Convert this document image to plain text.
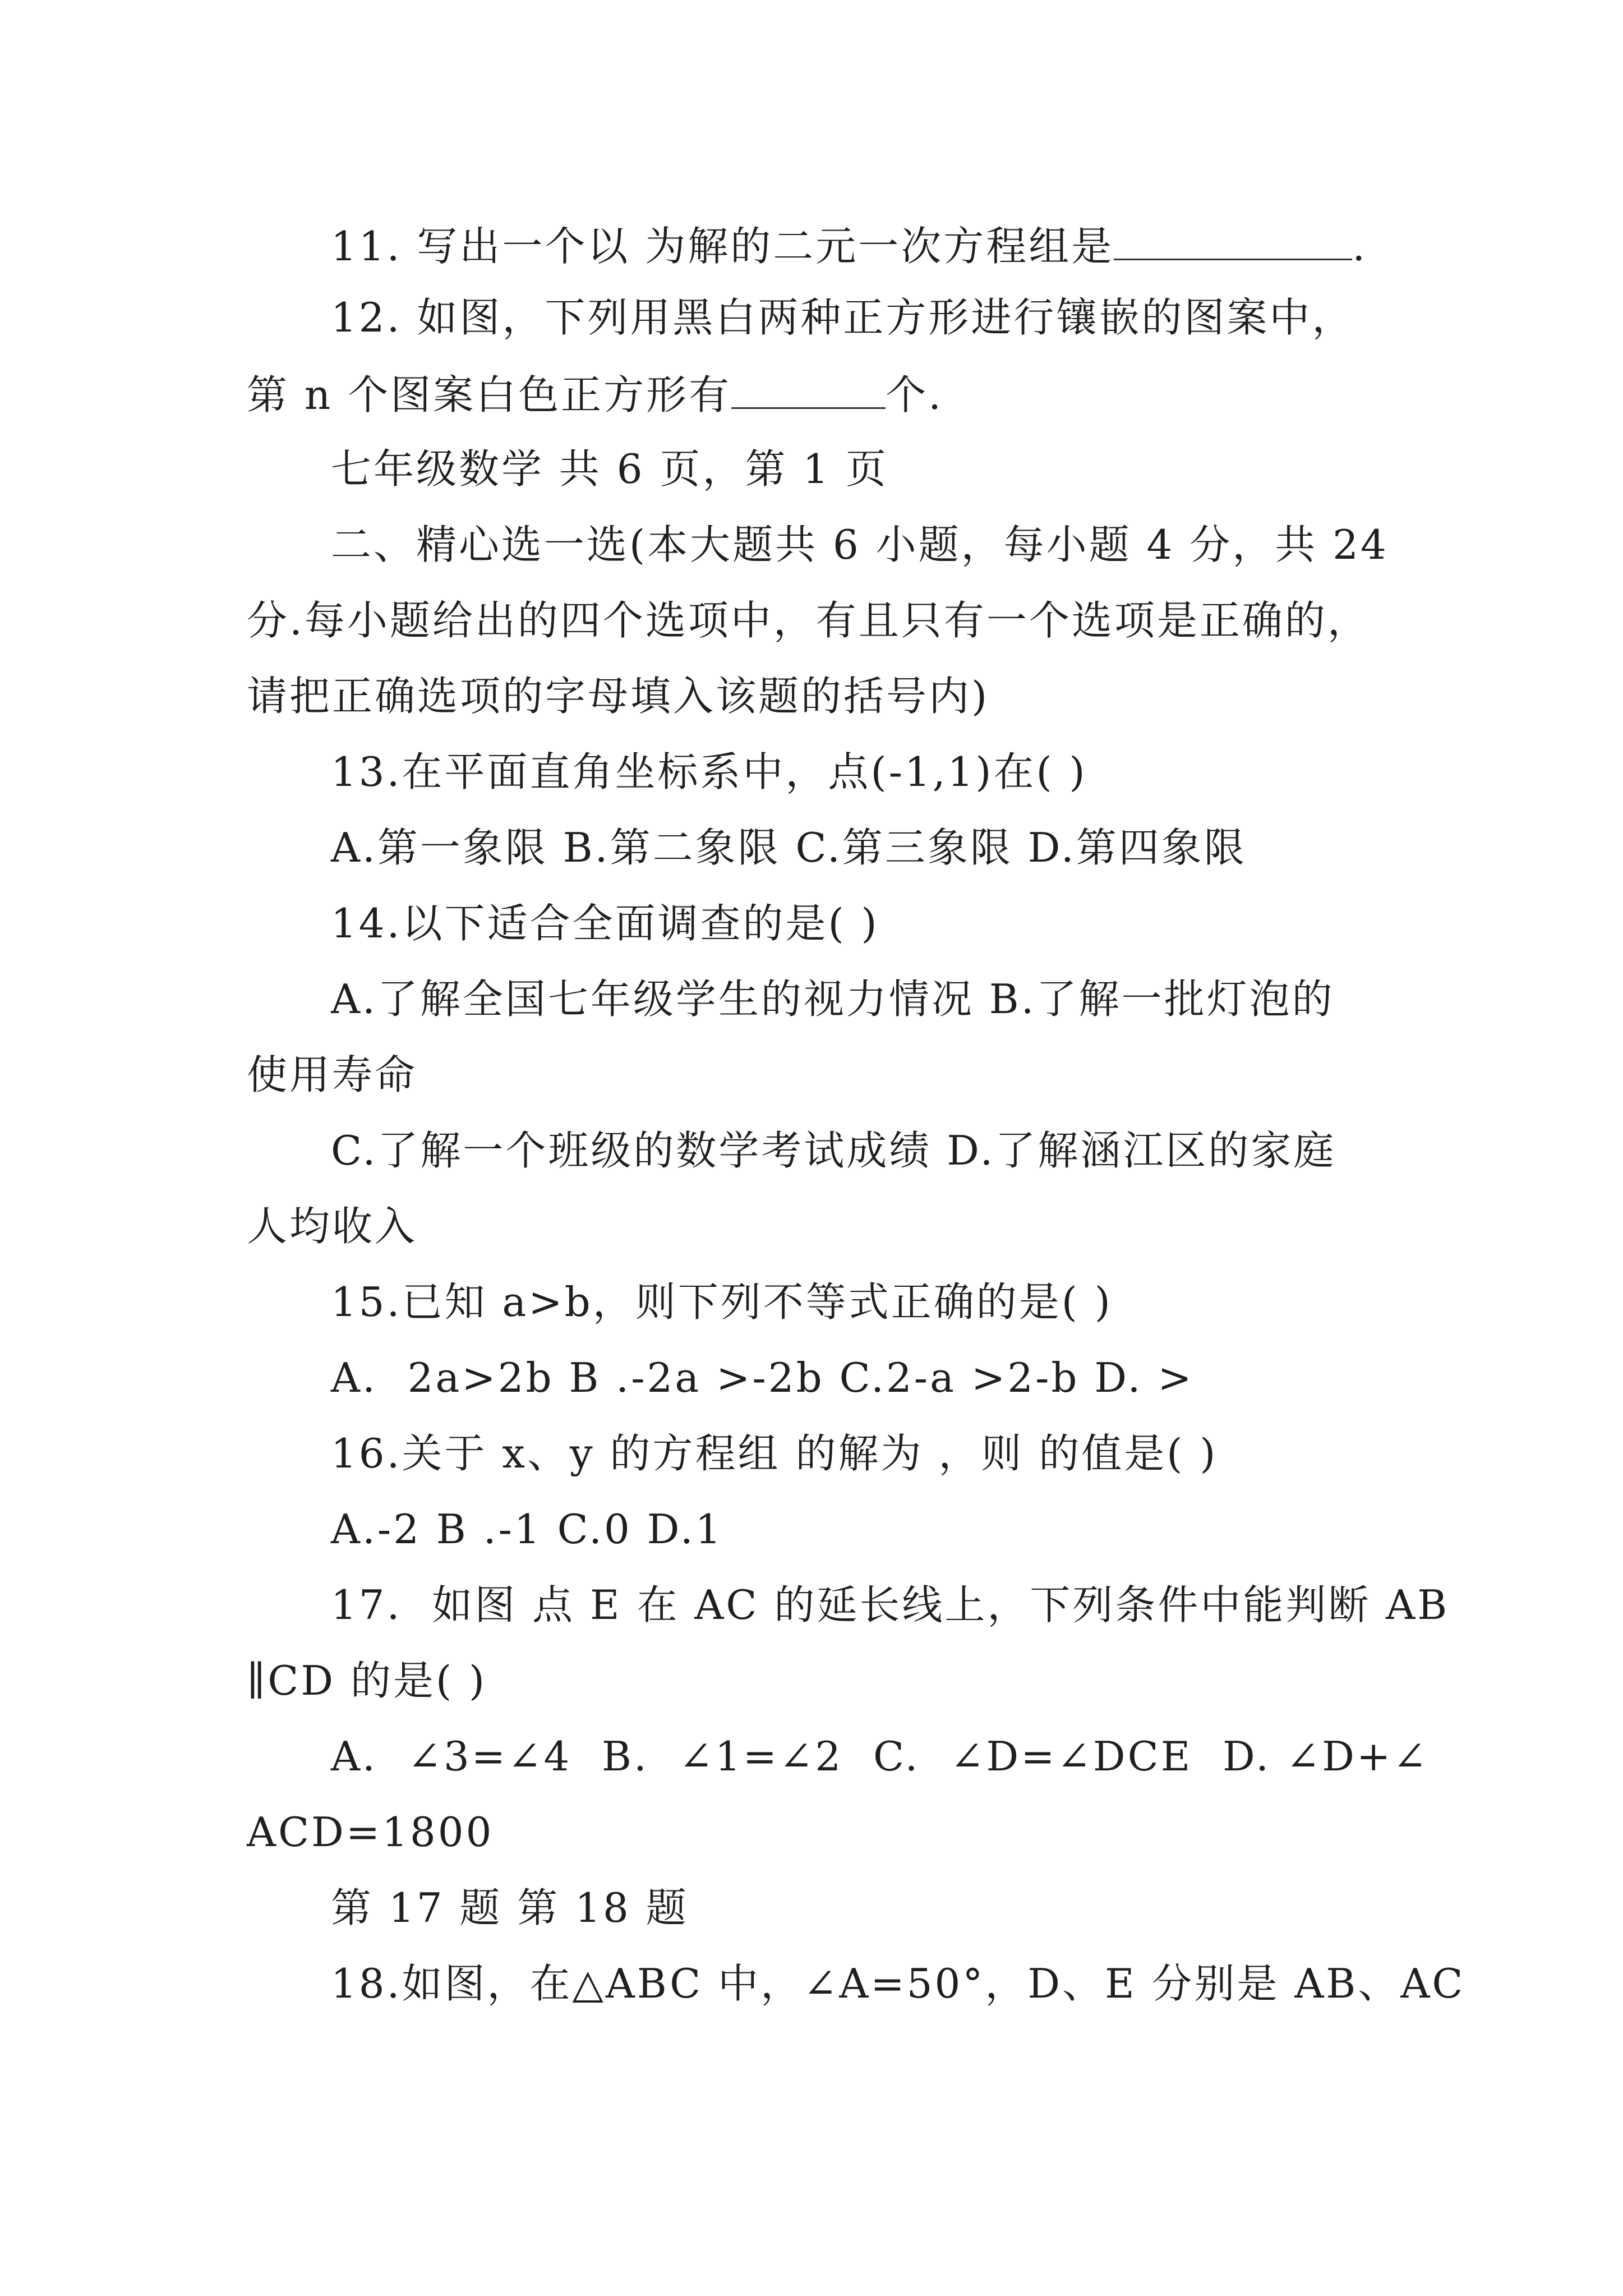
11. 写出一个以 为解的二元一次方程组是	.
12. 如图，下列用黑白两种正方形进行镶嵌的图案中，
第 n 个图案白色正方形有	个.
七年级数学 共 6 页，第 1 页
二、精心选一选(本大题共 6 小题，每小题 4 分，共 24
分.每小题给出的四个选项中，有且只有一个选项是正确的，
请把正确选项的字母填入该题的括号内)
13.在平面直角坐标系中，点(-1,1)在( )
A.第一象限 B.第二象限 C.第三象限 D.第四象限
14.以下适合全面调查的是( )
A.了解全国七年级学生的视力情况 B.了解一批灯泡的
使用寿命
C.了解一个班级的数学考试成绩 D.了解涵江区的家庭
人均收入
15.已知 a>b，则下列不等式正确的是( )
A.  2a>2b B .-2a >-2b C.2-a >2-b D. >
16.关于 x、y 的方程组 的解为 ，则 的值是( )
A.-2 B .-1 C.0 D.1
17.  如图 点 E 在 AC 的延长线上，下列条件中能判断 AB
∥CD 的是( )
A.  ∠3=∠4  B.  ∠1=∠2  C.  ∠D=∠DCE  D. ∠D+∠
ACD=1800
第 17 题 第 18 题
18.如图，在△ABC 中，∠A=50°，D、E 分别是 AB、AC
